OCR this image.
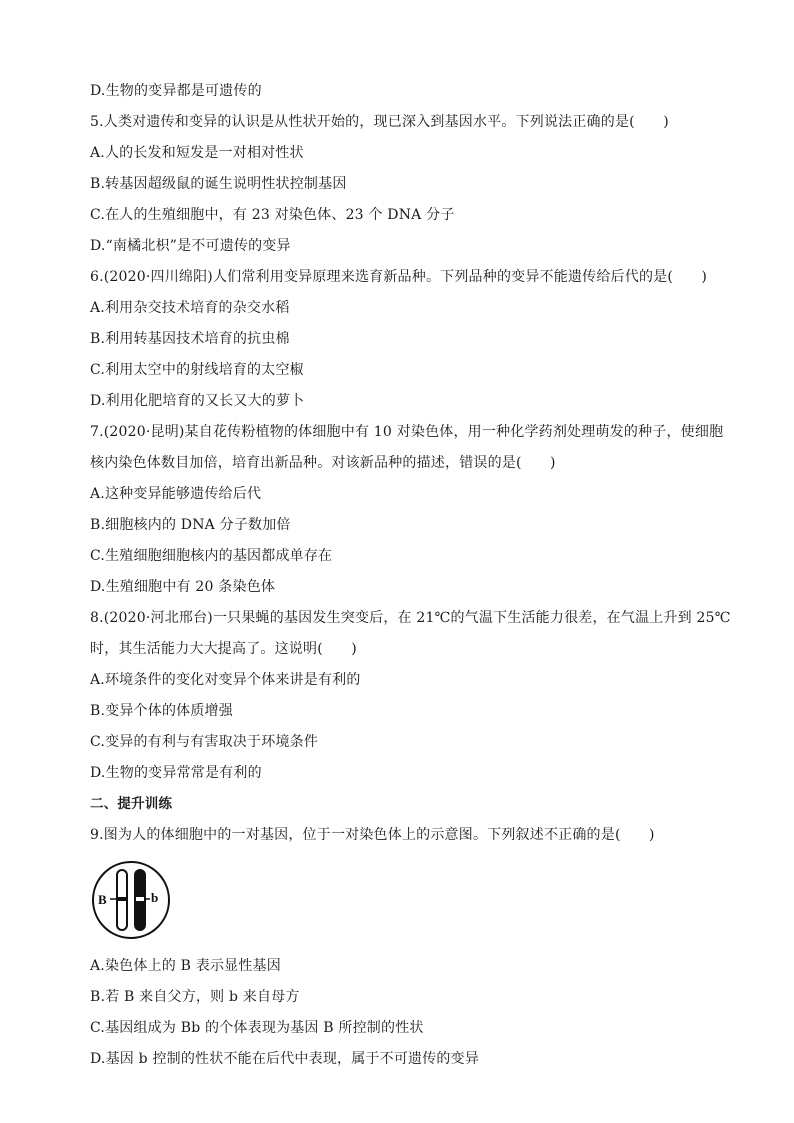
D.生物的变异都是可遗传的
5.人类对遗传和变异的认识是从性状开始的，现已深入到基因水平。下列说法正确的是(　　)
A.人的长发和短发是一对相对性状
B.转基因超级鼠的诞生说明性状控制基因
C.在人的生殖细胞中，有 23 对染色体、23 个 DNA 分子
D.“南橘北枳”是不可遗传的变异
6.(2020·四川绵阳)人们常利用变异原理来选育新品种。下列品种的变异不能遗传给后代的是(　　)
A.利用杂交技术培育的杂交水稻
B.利用转基因技术培育的抗虫棉
C.利用太空中的射线培育的太空椒
D.利用化肥培育的又长又大的萝卜
7.(2020·昆明)某自花传粉植物的体细胞中有 10 对染色体，用一种化学药剂处理萌发的种子，使细胞
核内染色体数目加倍，培育出新品种。对该新品种的描述，错误的是(　　)
A.这种变异能够遗传给后代
B.细胞核内的 DNA 分子数加倍
C.生殖细胞细胞核内的基因都成单存在
D.生殖细胞中有 20 条染色体
8.(2020·河北邢台)一只果蝇的基因发生突变后，在 21℃的气温下生活能力很差，在气温上升到 25℃
时，其生活能力大大提高了。这说明(　　)
A.环境条件的变化对变异个体来讲是有利的
B.变异个体的体质增强
C.变异的有利与有害取决于环境条件
D.生物的变异常常是有利的
二、提升训练
9.图为人的体细胞中的一对基因，位于一对染色体上的示意图。下列叙述不正确的是(　　)
B	b
A.染色体上的 B 表示显性基因
B.若 B 来自父方，则 b 来自母方
C.基因组成为 Bb 的个体表现为基因 B 所控制的性状
D.基因 b 控制的性状不能在后代中表现，属于不可遗传的变异
